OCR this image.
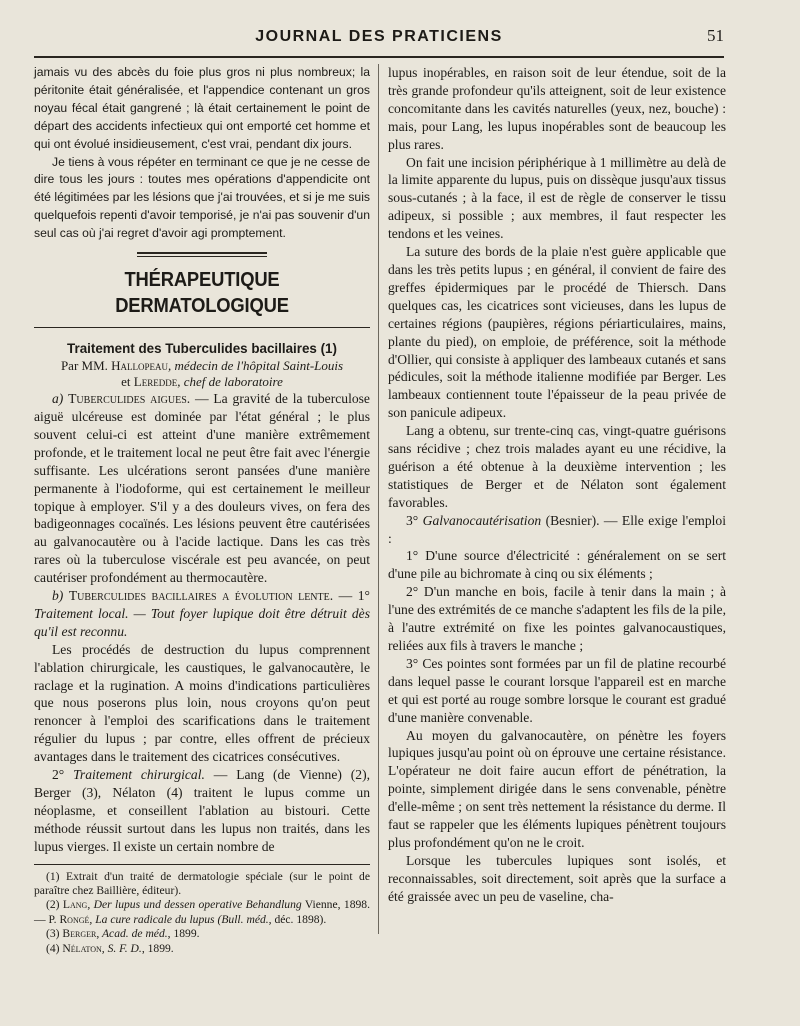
JOURNAL DES PRATICIENS	51

jamais vu des abcès du foie plus gros ni plus nombreux; la péritonite était généralisée, et l'appendice contenant un gros noyau fécal était gangrené ; là était certainement le point de départ des accidents infectieux qui ont emporté cet homme et qui ont évolué insidieusement, c'est vrai, pendant dix jours.

Je tiens à vous répéter en terminant ce que je ne cesse de dire tous les jours : toutes mes opérations d'appendicite ont été légitimées par les lésions que j'ai trouvées, et si je me suis quelquefois repenti d'avoir temporisé, je n'ai pas souvenir d'un seul cas où j'ai regret d'avoir agi promptement.

THÉRAPEUTIQUE DERMATOLOGIQUE
Traitement des Tuberculides bacillaires (1)
Par MM. Hallopeau, médecin de l'hôpital Saint-Louis
et Leredde, chef de laboratoire

a) Tuberculides aigues. — La gravité de la tuberculose aiguë ulcéreuse est dominée par l'état général ; le plus souvent celui-ci est atteint d'une manière extrêmement profonde, et le traitement local ne peut être fait avec l'énergie suffisante. Les ulcérations seront pansées d'une manière permanente à l'iodoforme, qui est certainement le meilleur topique à employer. S'il y a des douleurs vives, on fera des badigeonnages cocaïnés. Les lésions peuvent être cautérisées au galvanocautère ou à l'acide lactique. Dans les cas très rares où la tuberculose viscérale est peu avancée, on peut cautériser profondément au thermocautère.

b) Tuberculides bacillaires a évolution lente. — 1° Traitement local. — Tout foyer lupique doit être détruit dès qu'il est reconnu.

Les procédés de destruction du lupus comprennent l'ablation chirurgicale, les caustiques, le galvanocautère, le raclage et la rugination. A moins d'indications particulières que nous poserons plus loin, nous croyons qu'on peut renoncer à l'emploi des scarifications dans le traitement régulier du lupus ; par contre, elles offrent de précieux avantages dans le traitement des cicatrices consécutives.

2° Traitement chirurgical. — Lang (de Vienne) (2), Berger (3), Nélaton (4) traitent le lupus comme un néoplasme, et conseillent l'ablation au bistouri. Cette méthode réussit surtout dans les lupus non traités, dans les lupus vierges. Il existe un certain nombre de

(1) Extrait d'un traité de dermatologie spéciale (sur le point de paraître chez Baillière, éditeur).

(2) Lang, Der lupus und dessen operative Behandlung Vienne, 1898. — P. Rongé, La cure radicale du lupus (Bull. méd., déc. 1898).

(3) Berger, Acad. de méd., 1899.

(4) Nélaton, S. F. D., 1899.

lupus inopérables, en raison soit de leur étendue, soit de la très grande profondeur qu'ils atteignent, soit de leur existence concomitante dans les cavités naturelles (yeux, nez, bouche) : mais, pour Lang, les lupus inopérables sont de beaucoup les plus rares.

On fait une incision périphérique à 1 millimètre au delà de la limite apparente du lupus, puis on dissèque jusqu'aux tissus sous-cutanés ; à la face, il est de règle de conserver le tissu adipeux, si possible ; aux membres, il faut respecter les tendons et les veines.

La suture des bords de la plaie n'est guère applicable que dans les très petits lupus ; en général, il convient de faire des greffes épidermiques par le procédé de Thiersch. Dans quelques cas, les cicatrices sont vicieuses, dans les lupus de certaines régions (paupières, régions périarticulaires, mains, plante du pied), on emploie, de préférence, soit la méthode d'Ollier, qui consiste à appliquer des lambeaux cutanés et sans pédicules, soit la méthode italienne modifiée par Berger. Les lambeaux contiennent toute l'épaisseur de la peau privée de son panicule adipeux.

Lang a obtenu, sur trente-cinq cas, vingt-quatre guérisons sans récidive ; chez trois malades ayant eu une récidive, la guérison a été obtenue à la deuxième intervention ; les statistiques de Berger et de Nélaton sont également favorables.

3° Galvanocautérisation (Besnier). — Elle exige l'emploi :

1° D'une source d'électricité : généralement on se sert d'une pile au bichromate à cinq ou six éléments ;

2° D'un manche en bois, facile à tenir dans la main ; à l'une des extrémités de ce manche s'adaptent les fils de la pile, à l'autre extrémité on fixe les pointes galvanocaustiques, reliées aux fils à travers le manche ;

3° Ces pointes sont formées par un fil de platine recourbé dans lequel passe le courant lorsque l'appareil est en marche et qui est porté au rouge sombre lorsque le courant est gradué d'une manière convenable.

Au moyen du galvanocautère, on pénètre les foyers lupiques jusqu'au point où on éprouve une certaine résistance. L'opérateur ne doit faire aucun effort de pénétration, la pointe, simplement dirigée dans le sens convenable, pénètre d'elle-même ; on sent très nettement la résistance du derme. Il faut se rappeler que les éléments lupiques pénètrent toujours plus profondément qu'on ne le croit.

Lorsque les tubercules lupiques sont isolés, et reconnaissables, soit directement, soit après que la surface a été graissée avec un peu de vaseline, cha-
